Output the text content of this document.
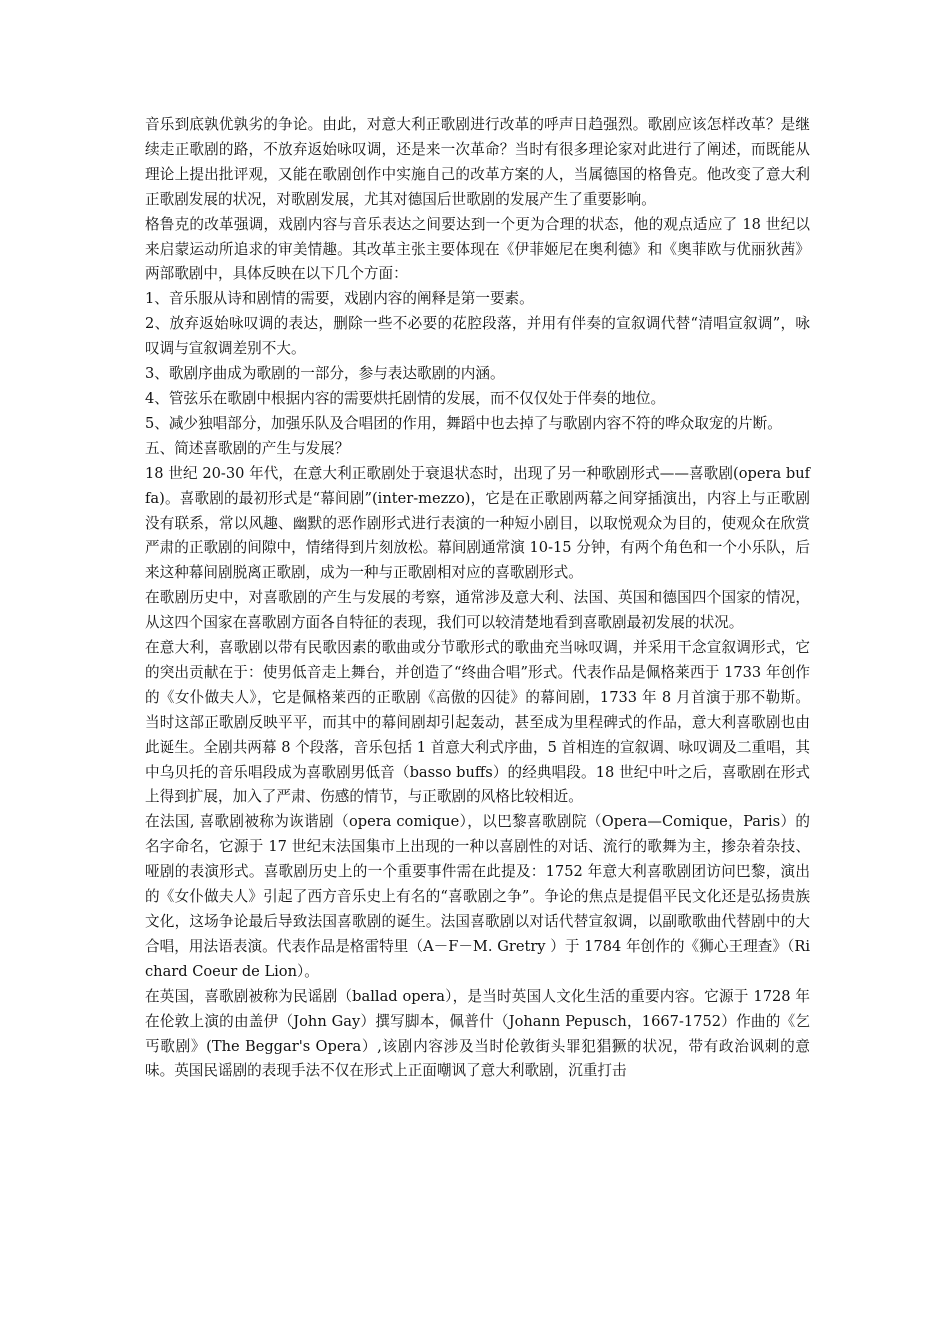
音乐到底孰优孰劣的争论。由此，对意大利正歌剧进行改革的呼声日趋强烈。歌剧应该怎样改革？是继续走正歌剧的路，不放弃返始咏叹调，还是来一次革命？当时有很多理论家对此进行了阐述，而既能从理论上提出批评观，又能在歌剧创作中实施自己的改革方案的人，当属德国的格鲁克。他改变了意大利正歌剧发展的状况，对歌剧发展，尤其对德国后世歌剧的发展产生了重要影响。

格鲁克的改革强调，戏剧内容与音乐表达之间要达到一个更为合理的状态，他的观点适应了 18 世纪以来启蒙运动所追求的审美情趣。其改革主张主要体现在《伊菲姬尼在奥利德》和《奥菲欧与优丽狄茜》两部歌剧中，具体反映在以下几个方面：

1、音乐服从诗和剧情的需要，戏剧内容的阐释是第一要素。

2、放弃返始咏叹调的表达，删除一些不必要的花腔段落，并用有伴奏的宣叙调代替“清唱宣叙调”，咏叹调与宣叙调差别不大。

3、歌剧序曲成为歌剧的一部分，参与表达歌剧的内涵。

4、管弦乐在歌剧中根据内容的需要烘托剧情的发展，而不仅仅处于伴奏的地位。

5、减少独唱部分，加强乐队及合唱团的作用，舞蹈中也去掉了与歌剧内容不符的哗众取宠的片断。

五、简述喜歌剧的产生与发展？

18 世纪 20-30 年代，在意大利正歌剧处于衰退状态时，出现了另一种歌剧形式——喜歌剧(opera buffa)。喜歌剧的最初形式是“幕间剧”(inter-mezzo)，它是在正歌剧两幕之间穿插演出，内容上与正歌剧没有联系，常以风趣、幽默的恶作剧形式进行表演的一种短小剧目，以取悦观众为目的，使观众在欣赏严肃的正歌剧的间隙中，情绪得到片刻放松。幕间剧通常演 10-15 分钟，有两个角色和一个小乐队，后来这种幕间剧脱离正歌剧，成为一种与正歌剧相对应的喜歌剧形式。

在歌剧历史中，对喜歌剧的产生与发展的考察，通常涉及意大利、法国、英国和德国四个国家的情况，从这四个国家在喜歌剧方面各自特征的表现，我们可以较清楚地看到喜歌剧最初发展的状况。

在意大利，喜歌剧以带有民歌因素的歌曲或分节歌形式的歌曲充当咏叹调，并采用干念宣叙调形式，它的突出贡献在于：使男低音走上舞台，并创造了“终曲合唱”形式。代表作品是佩格莱西于 1733 年创作的《女仆做夫人》，它是佩格莱西的正歌剧《高傲的囚徒》的幕间剧，1733 年 8 月首演于那不勒斯。当时这部正歌剧反映平平，而其中的幕间剧却引起轰动，甚至成为里程碑式的作品，意大利喜歌剧也由此诞生。全剧共两幕 8 个段落，音乐包括 1 首意大利式序曲，5 首相连的宣叙调、咏叹调及二重唱，其中乌贝托的音乐唱段成为喜歌剧男低音（basso buffs）的经典唱段。18 世纪中叶之后，喜歌剧在形式上得到扩展，加入了严肃、伤感的情节，与正歌剧的风格比较相近。

在法国, 喜歌剧被称为诙谐剧（opera comique），以巴黎喜歌剧院（Opera—Comique，Paris）的名字命名，它源于 17 世纪末法国集市上出现的一种以喜剧性的对话、流行的歌舞为主，掺杂着杂技、哑剧的表演形式。喜歌剧历史上的一个重要事件需在此提及：1752 年意大利喜歌剧团访问巴黎，演出的《女仆做夫人》引起了西方音乐史上有名的“喜歌剧之争”。争论的焦点是提倡平民文化还是弘扬贵族文化，这场争论最后导致法国喜歌剧的诞生。法国喜歌剧以对话代替宣叙调，以副歌歌曲代替剧中的大合唱，用法语表演。代表作品是格雷特里（A－F－M. Gretry ）于 1784 年创作的《狮心王理查》（Richard Coeur de Lion）。

在英国，喜歌剧被称为民谣剧（ballad opera），是当时英国人文化生活的重要内容。它源于 1728 年在伦敦上演的由盖伊（John Gay）撰写脚本，佩普什（Johann Pepusch，1667-1752）作曲的《乞丐歌剧》(The Beggar's Opera）,该剧内容涉及当时伦敦街头罪犯猖獗的状况，带有政治讽刺的意味。英国民谣剧的表现手法不仅在形式上正面嘲讽了意大利歌剧，沉重打击
